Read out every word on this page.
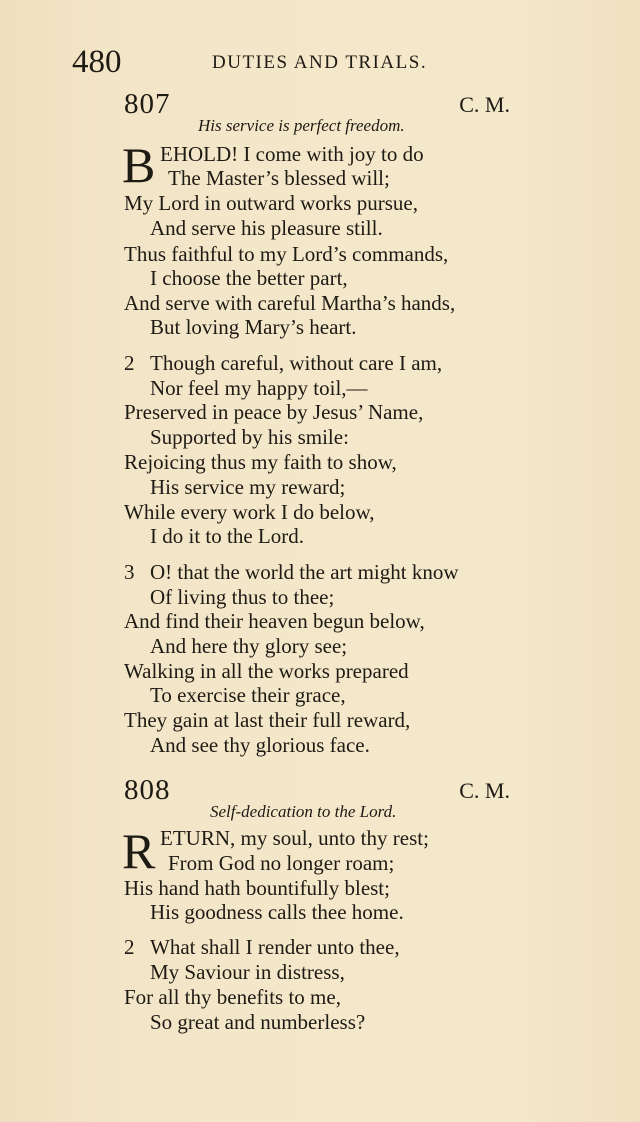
480	DUTIES AND TRIALS.
807	C. M.
His service is perfect freedom.
B EHOLD! I come with joy to do
The Master’s blessed will;
My Lord in outward works pursue,
And serve his pleasure still.
Thus faithful to my Lord’s commands,
I choose the better part,
And serve with careful Martha’s hands,
But loving Mary’s heart.
2 Though careful, without care I am,
Nor feel my happy toil,—
Preserved in peace by Jesus’ Name,
Supported by his smile:
Rejoicing thus my faith to show,
His service my reward;
While every work I do below,
I do it to the Lord.
3 O! that the world the art might know
Of living thus to thee;
And find their heaven begun below,
And here thy glory see;
Walking in all the works prepared
To exercise their grace,
They gain at last their full reward,
And see thy glorious face.
808	C. M.
Self-dedication to the Lord.
R ETURN, my soul, unto thy rest;
From God no longer roam;
His hand hath bountifully blest;
His goodness calls thee home.
2 What shall I render unto thee,
My Saviour in distress,
For all thy benefits to me,
So great and numberless?
